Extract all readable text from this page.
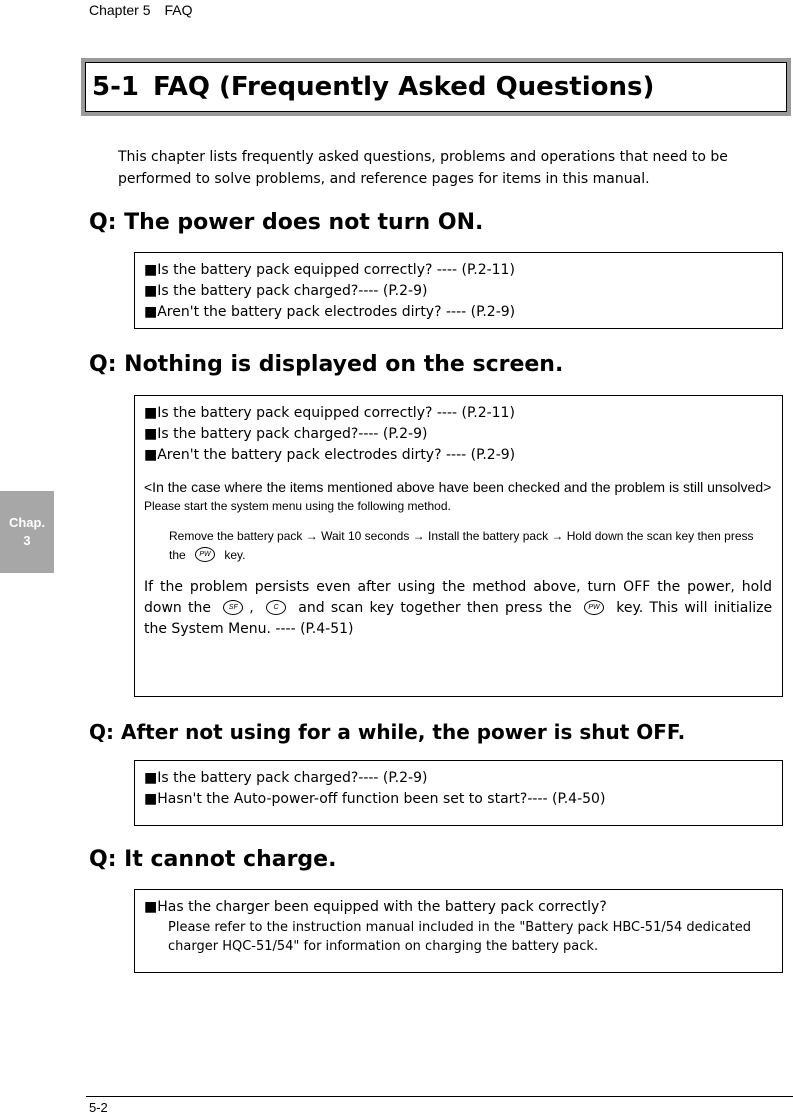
Chapter 5　FAQ
5-1 FAQ (Frequently Asked Questions)

This chapter lists frequently asked questions, problems and operations that need to be performed to solve problems, and reference pages for items in this manual.

Q: The power does not turn ON.
■Is the battery pack equipped correctly? ---- (P.2-11)
■Is the battery pack charged?---- (P.2-9)
■Aren't the battery pack electrodes dirty? ---- (P.2-9)
Q: Nothing is displayed on the screen.
■Is the battery pack equipped correctly? ---- (P.2-11)
■Is the battery pack charged?---- (P.2-9)
■Aren't the battery pack electrodes dirty? ---- (P.2-9)
<In the case where the items mentioned above have been checked and the problem is still unsolved>
Please start the system menu using the following method.
Remove the battery pack → Wait 10 seconds → Install the battery pack → Hold down the scan key then press the PW key.
If the problem persists even after using the method above, turn OFF the power, hold down the	SF ,	C and scan key together then press the PW key. This will initialize the System Menu. ---- (P.4-51)
Q: After not using for a while, the power is shut OFF.
■Is the battery pack charged?---- (P.2-9)
■Hasn't the Auto-power-off function been set to start?---- (P.4-50)
Q: It cannot charge.
■Has the charger been equipped with the battery pack correctly?
Please refer to the instruction manual included in the "Battery pack HBC-51/54 dedicated charger HQC-51/54" for information on charging the battery pack.
Chap.
3
5-2
